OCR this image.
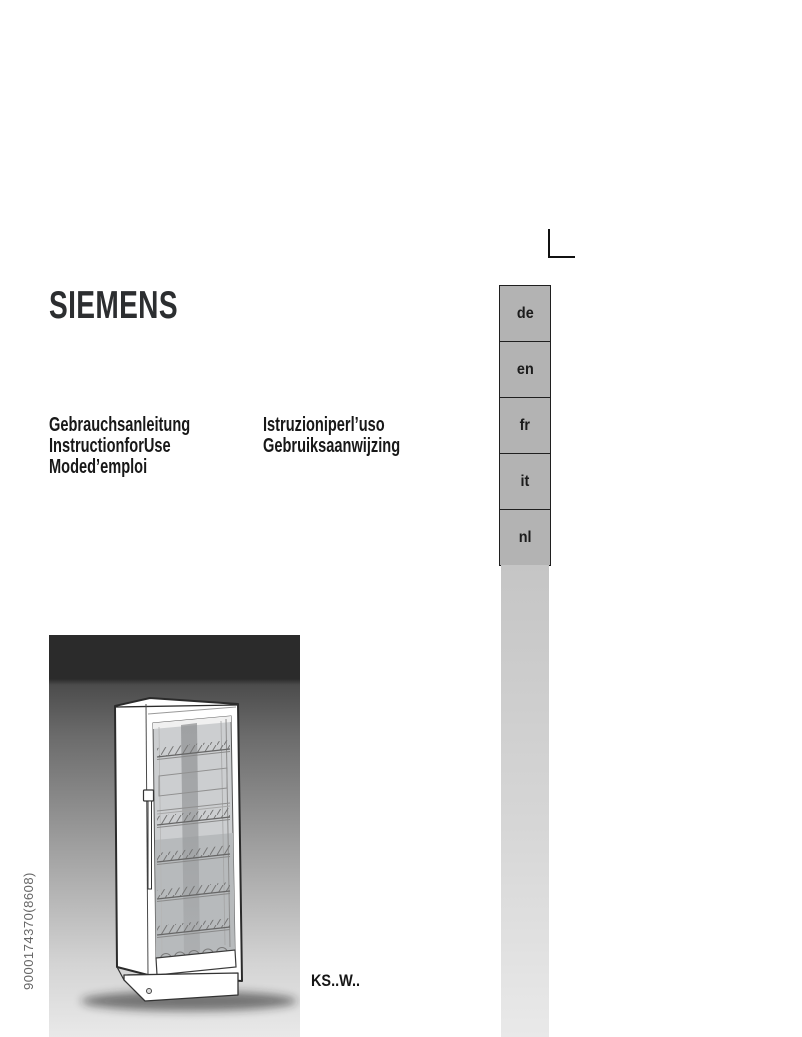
SIEMENS
Gebrauchsanleitung
InstructionforUse
Moded’emploi
Istruzioniperl’uso
Gebruiksaanwijzing
de
en
fr
it
nl
9000174370(8608)	KS..W..
